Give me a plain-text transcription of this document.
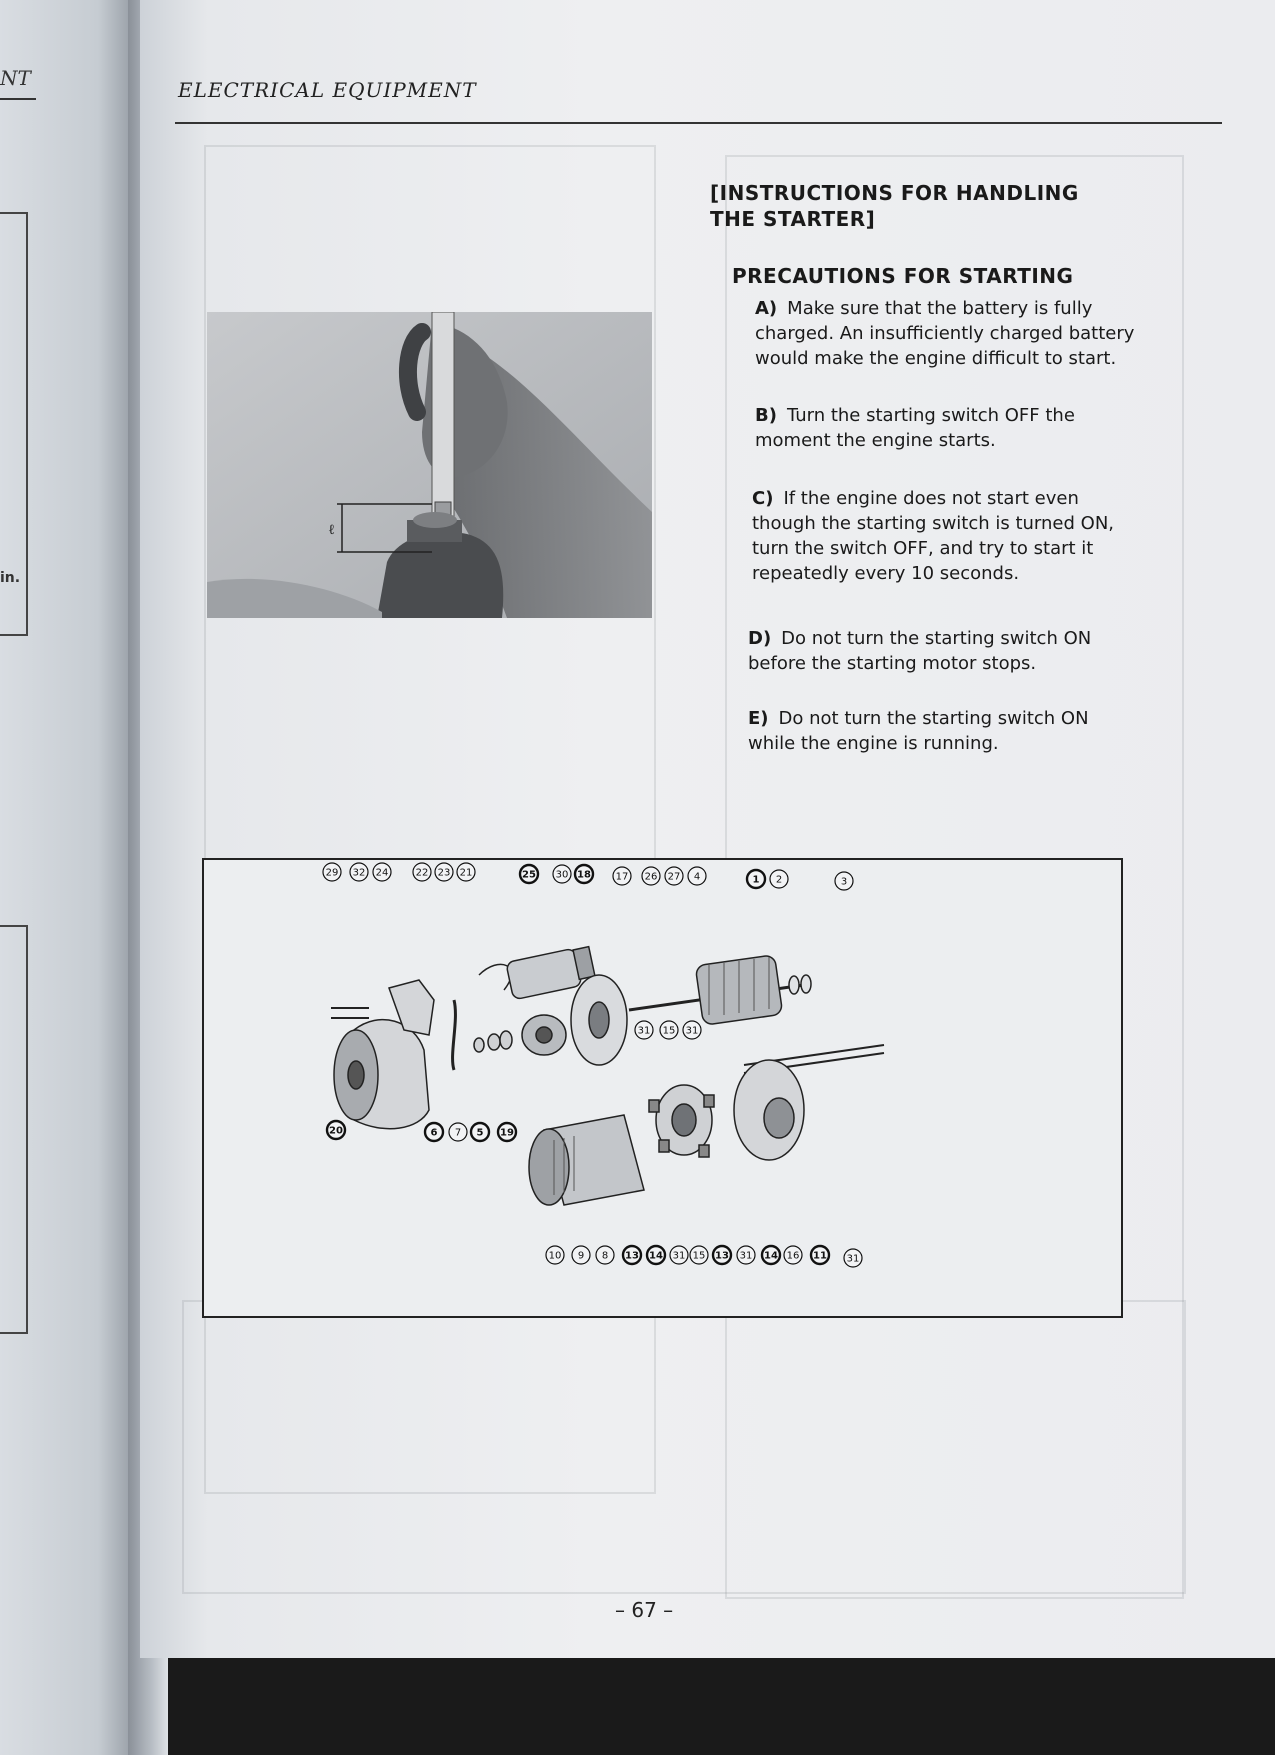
NT
in.
ELECTRICAL EQUIPMENT
ℓ
[INSTRUCTIONS FOR HANDLING
THE STARTER]
PRECAUTIONS FOR STARTING
A) Make sure that the battery is fully
charged. An insufficiently charged battery
would make the engine difficult to start.
B) Turn the starting switch OFF the
moment the engine starts.
C) If the engine does not start even
though the starting switch is turned ON,
turn the switch OFF, and try to start it
repeatedly every 10 seconds.
D) Do not turn the starting switch ON
before the starting motor stops.
E) Do not turn the starting switch ON
while the engine is running.
29 32 24	22 23 21	25 30 18 17 26 27 4	1 2	3
31 15 31
20	6 7 5 19
10 9 8 13 14 31 15 13 31 14 16 11 31
– 67 –
